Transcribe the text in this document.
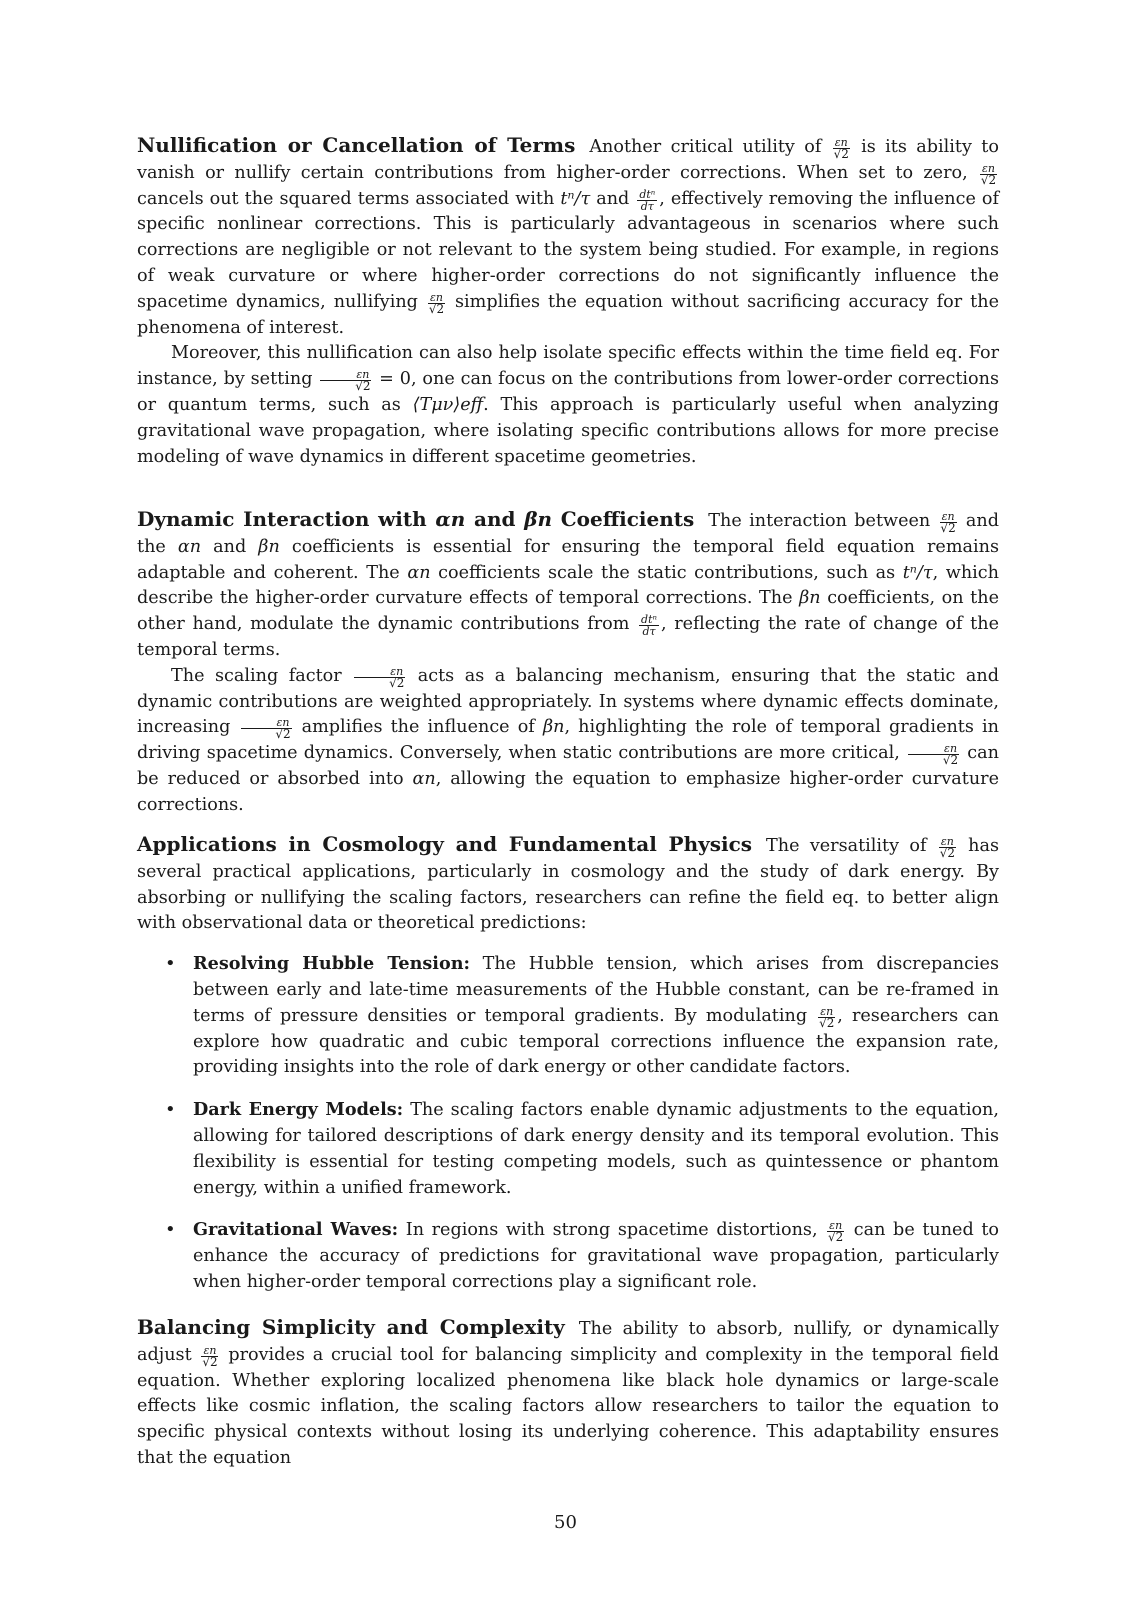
Nullification or Cancellation of Terms Another critical utility of $\frac{\varepsilon n}{√2}$ is its ability to vanish or nullify certain contributions from higher-order corrections. When set to zero, $\frac{\varepsilon n}{√2}$
cancels out the squared terms associated with tⁿ/τ and $\frac{\text{dtⁿ}}{d\tau}$ , effectively removing the influence of specific nonlinear corrections. This is particularly advantageous in scenarios where such corrections are negligible or not relevant to the system being studied. For example, in regions of weak curvature or where higher-order corrections do not significantly influence the spacetime dynamics, nullifying $\frac{\varepsilon n}{√2}$ simplifies the equation without sacrificing accuracy for the phenomena of interest.

Moreover, this nullification can also help isolate specific effects within the time field eq. For instance, by setting $\frac{\varepsilon n}{√2} = 0$, one can focus on the contributions from lower-order corrections or quantum terms, such as ⟨Tμν⟩eff. This approach is particularly useful when analyzing gravitational wave propagation, where isolating specific contributions allows for more precise modeling of wave dynamics in different spacetime geometries.

Dynamic Interaction with αn and βn Coefficients The interaction between $\frac{\varepsilon n}{√2}$ and the αn and βn coefficients is essential for ensuring the temporal field equation remains adaptable and coherent. The αn coefficients scale the static contributions, such as tⁿ/τ, which describe the higher-order curvature effects of temporal corrections. The βn coefficients, on the other hand, modulate the dynamic contributions from $\frac{\text{dtⁿ}}{d\tau}$ , reflecting the rate of change of the temporal terms.

The scaling factor $\frac{\varepsilon n}{√2}$ acts as a balancing mechanism, ensuring that the static and dynamic contributions are weighted appropriately. In systems where dynamic effects dominate, increasing $\frac{\varepsilon n}{√2}$ amplifies the influence of βn, highlighting the role of temporal gradients in driving spacetime dynamics. Conversely, when static contributions are more critical, $\frac{\varepsilon n}{√2}$ can be reduced or absorbed into αn, allowing the equation to emphasize higher-order curvature corrections.

Applications in Cosmology and Fundamental Physics The versatility of $\frac{\varepsilon n}{√2}$ has several practical applications, particularly in cosmology and the study of dark energy. By absorbing or nullifying the scaling factors, researchers can refine the field eq. to better align with observational data or theoretical predictions:

• Resolving Hubble Tension: The Hubble tension, which arises from discrepancies between early and late-time measurements of the Hubble constant, can be re-framed in terms of pressure densities or temporal gradients. By modulating $\frac{\varepsilon n}{√2}$ , researchers can explore how quadratic and cubic temporal corrections influence the expansion rate, providing insights into the role of dark energy or other candidate factors.
• Dark Energy Models: The scaling factors enable dynamic adjustments to the equation, allowing for tailored descriptions of dark energy density and its temporal evolution. This flexibility is essential for testing competing models, such as quintessence or phantom energy, within a unified framework.
• Gravitational Waves: In regions with strong spacetime distortions, $\frac{\varepsilon n}{√2}$ can be tuned to enhance the accuracy of predictions for gravitational wave propagation, particularly when higher-order temporal corrections play a significant role.

Balancing Simplicity and Complexity The ability to absorb, nullify, or dynamically adjust $\frac{\varepsilon n}{√2}$ provides a crucial tool for balancing simplicity and complexity in the temporal field equation. Whether exploring localized phenomena like black hole dynamics or large-scale effects like cosmic inflation, the scaling factors allow researchers to tailor the equation to specific physical contexts without losing its underlying coherence. This adaptability ensures that the equation

50
